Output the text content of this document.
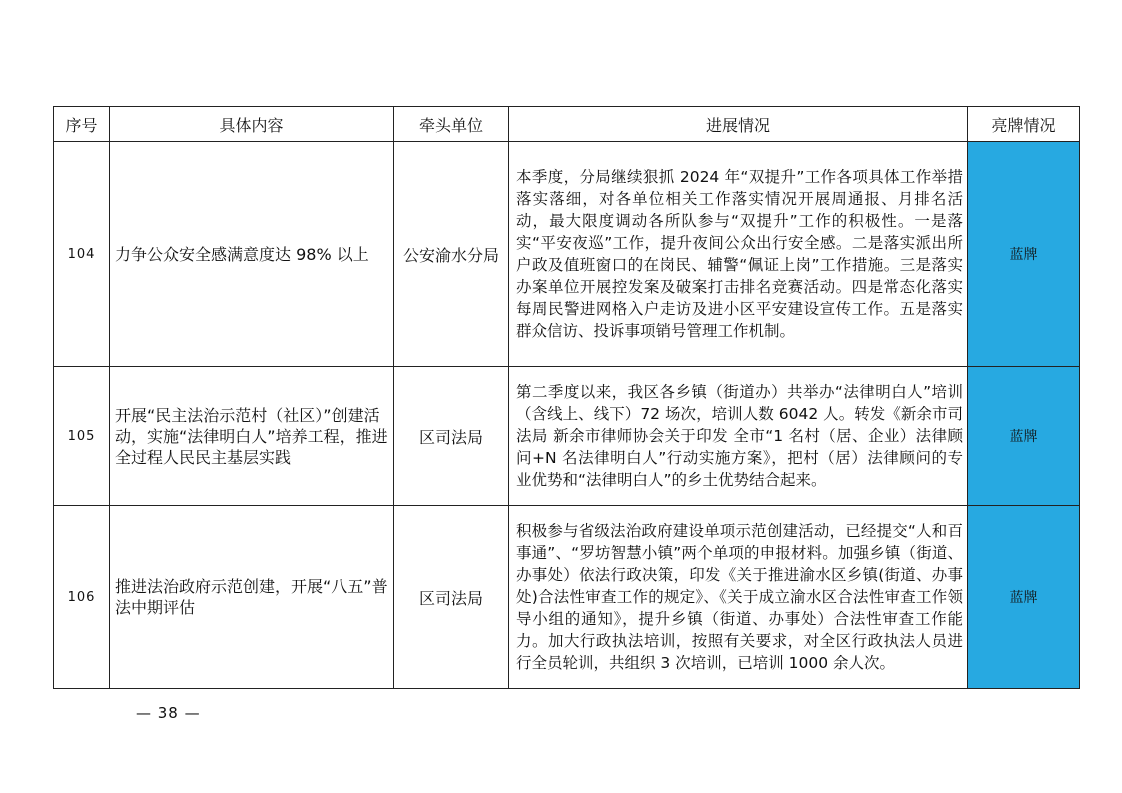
序号	具体内容	牵头单位	进展情况	亮牌情况
104	力争公众安全感满意度达 98% 以上	公安渝水分局	本季度，分局继续狠抓 2024 年“双提升”工作各项具体工作举措落实落细，对各单位相关工作落实情况开展周通报、月排名活动，最大限度调动各所队参与“双提升”工作的积极性。一是落实“平安夜巡”工作，提升夜间公众出行安全感。二是落实派出所户政及值班窗口的在岗民、辅警“佩证上岗”工作措施。三是落实办案单位开展控发案及破案打击排名竞赛活动。四是常态化落实每周民警进网格入户走访及进小区平安建设宣传工作。五是落实群众信访、投诉事项销号管理工作机制。	蓝牌
105	开展“民主法治示范村（社区）”创建活动，实施“法律明白人”培养工程，推进全过程人民民主基层实践	区司法局	第二季度以来，我区各乡镇（街道办）共举办“法律明白人”培训（含线上、线下）72 场次，培训人数 6042 人。转发《新余市司法局 新余市律师协会关于印发 全市“1 名村（居、企业）法律顾问+N 名法律明白人”行动实施方案》，把村（居）法律顾问的专业优势和“法律明白人”的乡土优势结合起来。	蓝牌
106	推进法治政府示范创建，开展“八五”普法中期评估	区司法局	积极参与省级法治政府建设单项示范创建活动，已经提交“人和百事通”、“罗坊智慧小镇”两个单项的申报材料。加强乡镇（街道、办事处）依法行政决策，印发《关于推进渝水区乡镇(街道、办事处)合法性审查工作的规定》、《关于成立渝水区合法性审查工作领导小组的通知》，提升乡镇（街道、办事处）合法性审查工作能力。加大行政执法培训，按照有关要求，对全区行政执法人员进行全员轮训，共组织 3 次培训，已培训 1000 余人次。	蓝牌
— 38 —
